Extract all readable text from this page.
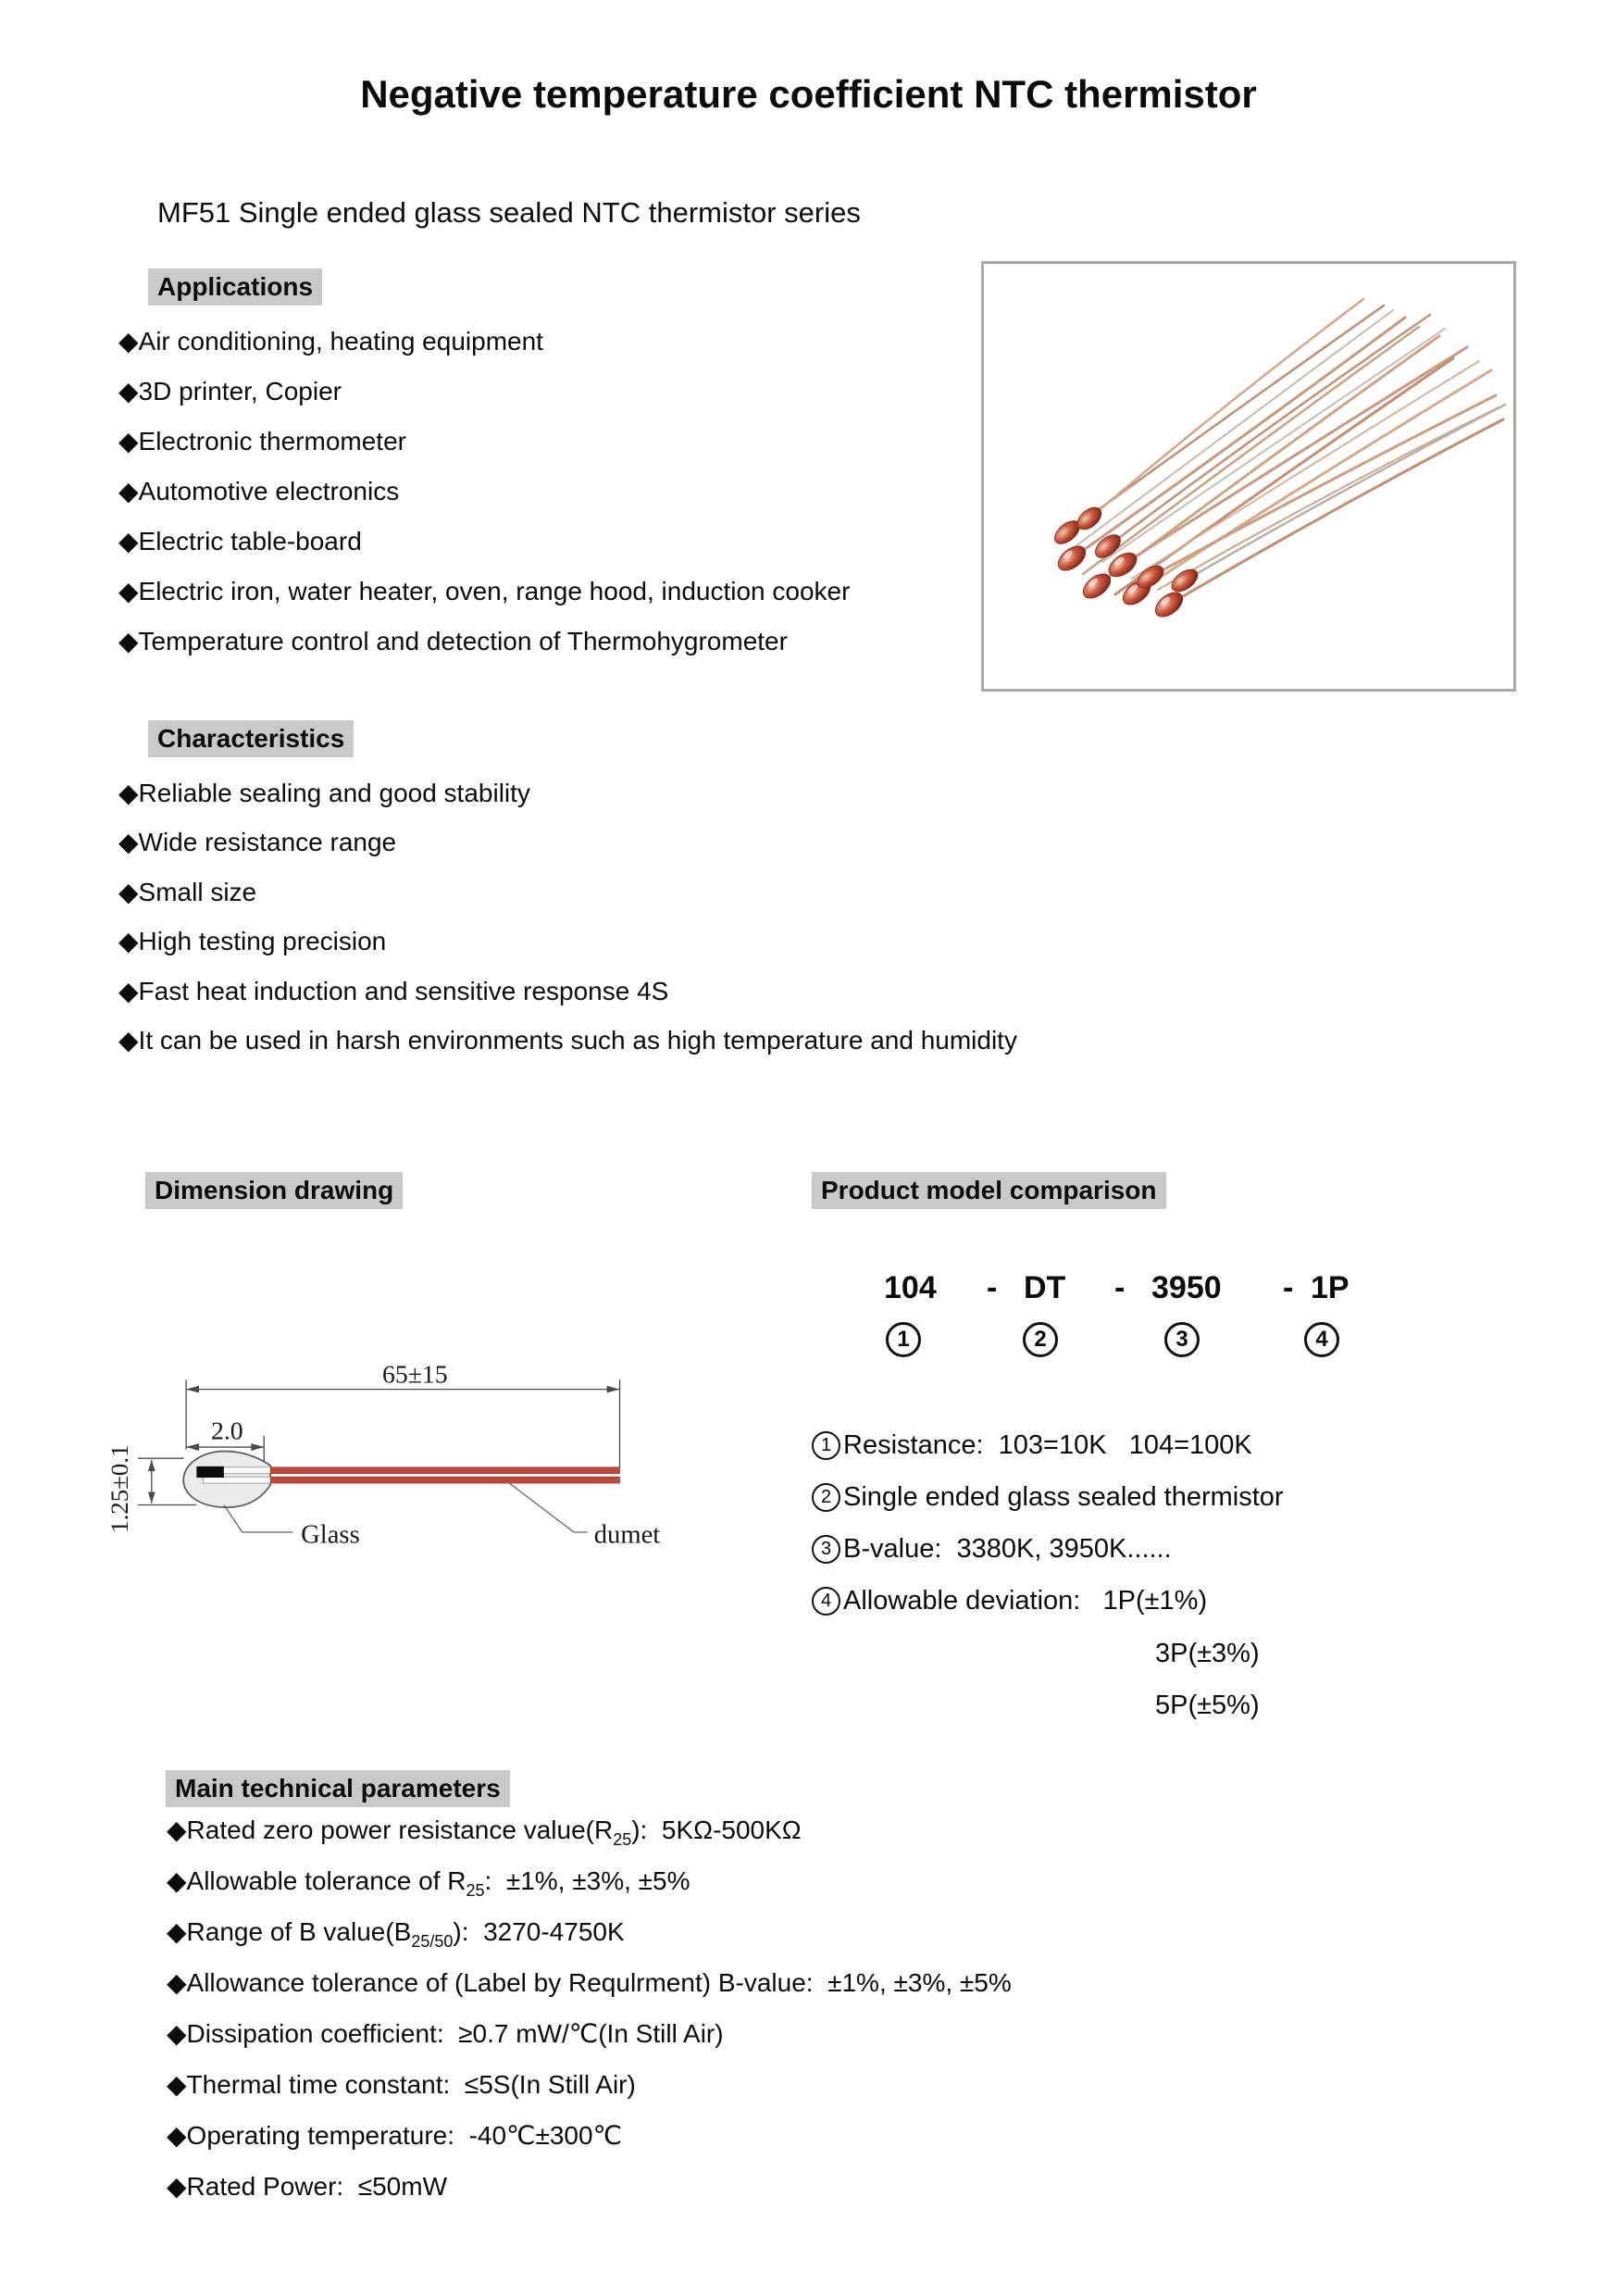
Negative temperature coefficient NTC thermistor
MF51 Single ended glass sealed NTC thermistor series
Applications
◆Air conditioning, heating equipment
◆3D printer, Copier
◆Electronic thermometer
◆Automotive electronics
◆Electric table-board
◆Electric iron, water heater, oven, range hood, induction cooker
◆Temperature control and detection of Thermohygrometer
Characteristics
◆Reliable sealing and good stability
◆Wide resistance range
◆Small size
◆High testing precision
◆Fast heat induction and sensitive response 4S
◆It can be used in harsh environments such as high temperature and humidity
Dimension drawing	Product model comparison
104 - DT - 3950 - 1P
1	2	3	4
1 Resistance:  103=10K   104=100K
2 Single ended glass sealed thermistor
3 B-value:  3380K, 3950K......
4 Allowable deviation:   1P(±1%)
3P(±3%)
5P(±5%)
65±15
2.0
1.25±0.1
Glass	dumet
Main technical parameters
◆Rated zero power resistance $value(R_{25})$:  5KΩ-500KΩ
◆Allowable tolerance of $R_{25}$:  ±1%, ±3%, ±5%
◆Range of B $value(B_{25/50})$:  3270-4750K
◆Allowance tolerance of (Label by Requlrment) B-value:  ±1%, ±3%, ±5%
◆Dissipation coefficient:  ≥0.7 mW/℃(In Still Air)
◆Thermal time constant:  ≤5S(In Still Air)
◆Operating temperature:  -40℃±300℃
◆Rated Power:  ≤50mW
